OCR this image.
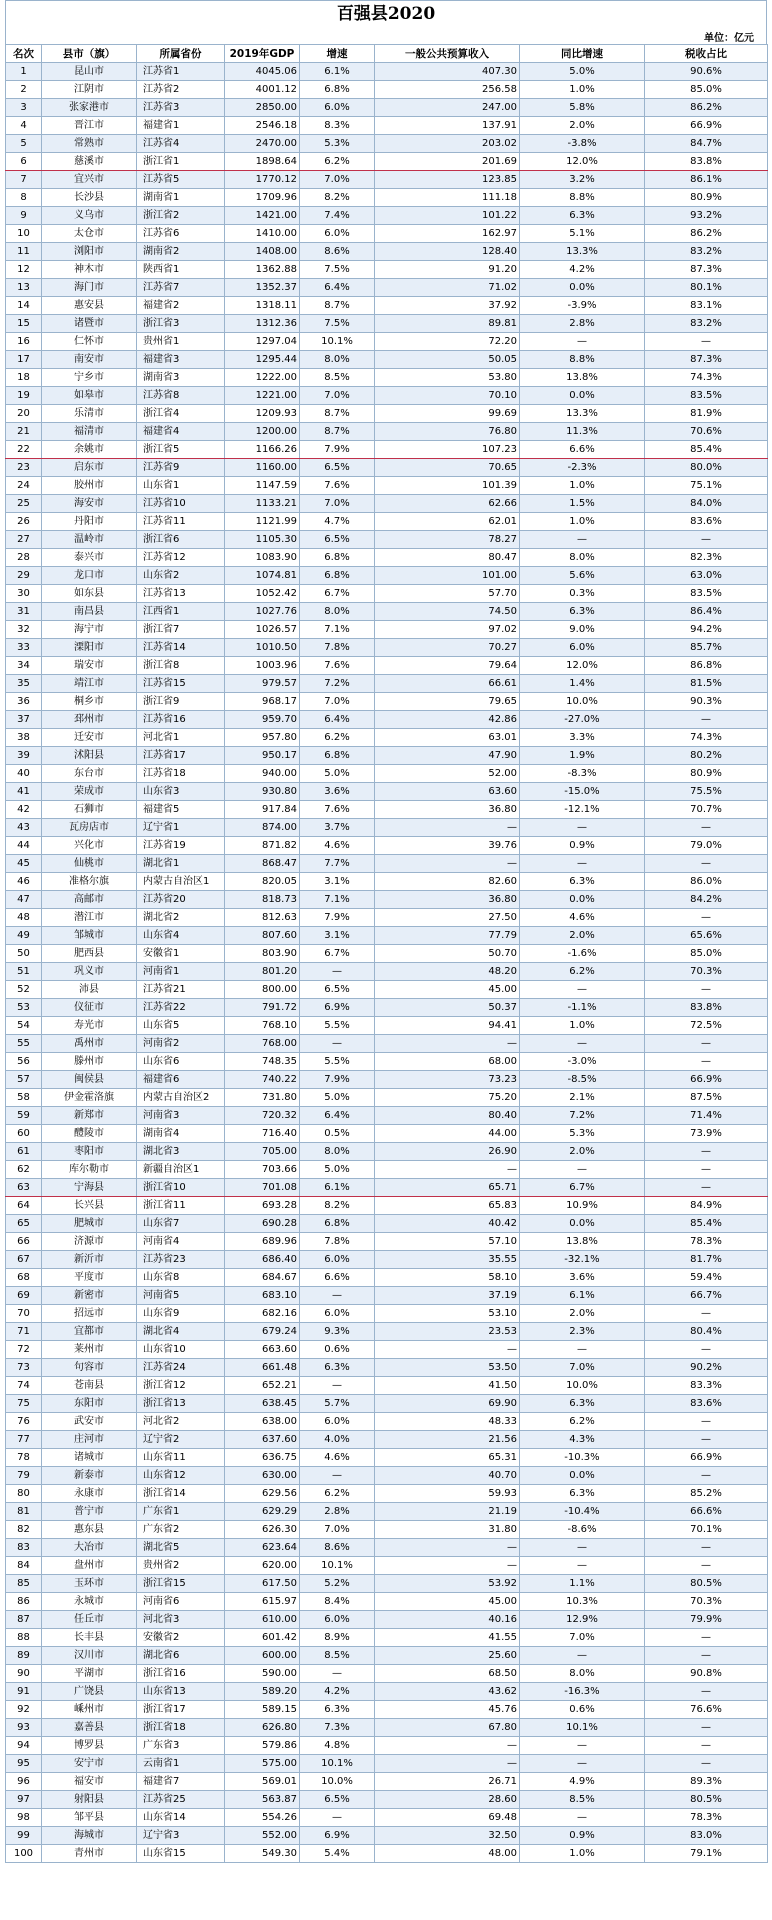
百强县2020
单位：亿元
名次	县市（旗）	所属省份	2019年GDP	增速	一般公共预算收入	同比增速	税收占比
1	昆山市	江苏省1	4045.06	6.1%	407.30	5.0%	90.6%
2	江阴市	江苏省2	4001.12	6.8%	256.58	1.0%	85.0%
3	张家港市	江苏省3	2850.00	6.0%	247.00	5.8%	86.2%
4	晋江市	福建省1	2546.18	8.3%	137.91	2.0%	66.9%
5	常熟市	江苏省4	2470.00	5.3%	203.02	-3.8%	84.7%
6	慈溪市	浙江省1	1898.64	6.2%	201.69	12.0%	83.8%
7	宜兴市	江苏省5	1770.12	7.0%	123.85	3.2%	86.1%
8	长沙县	湖南省1	1709.96	8.2%	111.18	8.8%	80.9%
9	义乌市	浙江省2	1421.00	7.4%	101.22	6.3%	93.2%
10	太仓市	江苏省6	1410.00	6.0%	162.97	5.1%	86.2%
11	浏阳市	湖南省2	1408.00	8.6%	128.40	13.3%	83.2%
12	神木市	陕西省1	1362.88	7.5%	91.20	4.2%	87.3%
13	海门市	江苏省7	1352.37	6.4%	71.02	0.0%	80.1%
14	惠安县	福建省2	1318.11	8.7%	37.92	-3.9%	83.1%
15	诸暨市	浙江省3	1312.36	7.5%	89.81	2.8%	83.2%
16	仁怀市	贵州省1	1297.04	10.1%	72.20	—	—
17	南安市	福建省3	1295.44	8.0%	50.05	8.8%	87.3%
18	宁乡市	湖南省3	1222.00	8.5%	53.80	13.8%	74.3%
19	如皋市	江苏省8	1221.00	7.0%	70.10	0.0%	83.5%
20	乐清市	浙江省4	1209.93	8.7%	99.69	13.3%	81.9%
21	福清市	福建省4	1200.00	8.7%	76.80	11.3%	70.6%
22	余姚市	浙江省5	1166.26	7.9%	107.23	6.6%	85.4%
23	启东市	江苏省9	1160.00	6.5%	70.65	-2.3%	80.0%
24	胶州市	山东省1	1147.59	7.6%	101.39	1.0%	75.1%
25	海安市	江苏省10	1133.21	7.0%	62.66	1.5%	84.0%
26	丹阳市	江苏省11	1121.99	4.7%	62.01	1.0%	83.6%
27	温岭市	浙江省6	1105.30	6.5%	78.27	—	—
28	泰兴市	江苏省12	1083.90	6.8%	80.47	8.0%	82.3%
29	龙口市	山东省2	1074.81	6.8%	101.00	5.6%	63.0%
30	如东县	江苏省13	1052.42	6.7%	57.70	0.3%	83.5%
31	南昌县	江西省1	1027.76	8.0%	74.50	6.3%	86.4%
32	海宁市	浙江省7	1026.57	7.1%	97.02	9.0%	94.2%
33	溧阳市	江苏省14	1010.50	7.8%	70.27	6.0%	85.7%
34	瑞安市	浙江省8	1003.96	7.6%	79.64	12.0%	86.8%
35	靖江市	江苏省15	979.57	7.2%	66.61	1.4%	81.5%
36	桐乡市	浙江省9	968.17	7.0%	79.65	10.0%	90.3%
37	邳州市	江苏省16	959.70	6.4%	42.86	-27.0%	—
38	迁安市	河北省1	957.80	6.2%	63.01	3.3%	74.3%
39	沭阳县	江苏省17	950.17	6.8%	47.90	1.9%	80.2%
40	东台市	江苏省18	940.00	5.0%	52.00	-8.3%	80.9%
41	荣成市	山东省3	930.80	3.6%	63.60	-15.0%	75.5%
42	石狮市	福建省5	917.84	7.6%	36.80	-12.1%	70.7%
43	瓦房店市	辽宁省1	874.00	3.7%	—	—	—
44	兴化市	江苏省19	871.82	4.6%	39.76	0.9%	79.0%
45	仙桃市	湖北省1	868.47	7.7%	—	—	—
46	准格尔旗	内蒙古自治区1	820.05	3.1%	82.60	6.3%	86.0%
47	高邮市	江苏省20	818.73	7.1%	36.80	0.0%	84.2%
48	潜江市	湖北省2	812.63	7.9%	27.50	4.6%	—
49	邹城市	山东省4	807.60	3.1%	77.79	2.0%	65.6%
50	肥西县	安徽省1	803.90	6.7%	50.70	-1.6%	85.0%
51	巩义市	河南省1	801.20	—	48.20	6.2%	70.3%
52	沛县	江苏省21	800.00	6.5%	45.00	—	—
53	仪征市	江苏省22	791.72	6.9%	50.37	-1.1%	83.8%
54	寿光市	山东省5	768.10	5.5%	94.41	1.0%	72.5%
55	禹州市	河南省2	768.00	—	—	—	—
56	滕州市	山东省6	748.35	5.5%	68.00	-3.0%	—
57	闽侯县	福建省6	740.22	7.9%	73.23	-8.5%	66.9%
58	伊金霍洛旗	内蒙古自治区2	731.80	5.0%	75.20	2.1%	87.5%
59	新郑市	河南省3	720.32	6.4%	80.40	7.2%	71.4%
60	醴陵市	湖南省4	716.40	0.5%	44.00	5.3%	73.9%
61	枣阳市	湖北省3	705.00	8.0%	26.90	2.0%	—
62	库尔勒市	新疆自治区1	703.66	5.0%	—	—	—
63	宁海县	浙江省10	701.08	6.1%	65.71	6.7%	—
64	长兴县	浙江省11	693.28	8.2%	65.83	10.9%	84.9%
65	肥城市	山东省7	690.28	6.8%	40.42	0.0%	85.4%
66	济源市	河南省4	689.96	7.8%	57.10	13.8%	78.3%
67	新沂市	江苏省23	686.40	6.0%	35.55	-32.1%	81.7%
68	平度市	山东省8	684.67	6.6%	58.10	3.6%	59.4%
69	新密市	河南省5	683.10	—	37.19	6.1%	66.7%
70	招远市	山东省9	682.16	6.0%	53.10	2.0%	—
71	宜都市	湖北省4	679.24	9.3%	23.53	2.3%	80.4%
72	莱州市	山东省10	663.60	0.6%	—	—	—
73	句容市	江苏省24	661.48	6.3%	53.50	7.0%	90.2%
74	苍南县	浙江省12	652.21	—	41.50	10.0%	83.3%
75	东阳市	浙江省13	638.45	5.7%	69.90	6.3%	83.6%
76	武安市	河北省2	638.00	6.0%	48.33	6.2%	—
77	庄河市	辽宁省2	637.60	4.0%	21.56	4.3%	—
78	诸城市	山东省11	636.75	4.6%	65.31	-10.3%	66.9%
79	新泰市	山东省12	630.00	—	40.70	0.0%	—
80	永康市	浙江省14	629.56	6.2%	59.93	6.3%	85.2%
81	普宁市	广东省1	629.29	2.8%	21.19	-10.4%	66.6%
82	惠东县	广东省2	626.30	7.0%	31.80	-8.6%	70.1%
83	大冶市	湖北省5	623.64	8.6%	—	—	—
84	盘州市	贵州省2	620.00	10.1%	—	—	—
85	玉环市	浙江省15	617.50	5.2%	53.92	1.1%	80.5%
86	永城市	河南省6	615.97	8.4%	45.00	10.3%	70.3%
87	任丘市	河北省3	610.00	6.0%	40.16	12.9%	79.9%
88	长丰县	安徽省2	601.42	8.9%	41.55	7.0%	—
89	汉川市	湖北省6	600.00	8.5%	25.60	—	—
90	平湖市	浙江省16	590.00	—	68.50	8.0%	90.8%
91	广饶县	山东省13	589.20	4.2%	43.62	-16.3%	—
92	嵊州市	浙江省17	589.15	6.3%	45.76	0.6%	76.6%
93	嘉善县	浙江省18	626.80	7.3%	67.80	10.1%	—
94	博罗县	广东省3	579.86	4.8%	—	—	—
95	安宁市	云南省1	575.00	10.1%	—	—	—
96	福安市	福建省7	569.01	10.0%	26.71	4.9%	89.3%
97	射阳县	江苏省25	563.87	6.5%	28.60	8.5%	80.5%
98	邹平县	山东省14	554.26	—	69.48	—	78.3%
99	海城市	辽宁省3	552.00	6.9%	32.50	0.9%	83.0%
100	青州市	山东省15	549.30	5.4%	48.00	1.0%	79.1%
